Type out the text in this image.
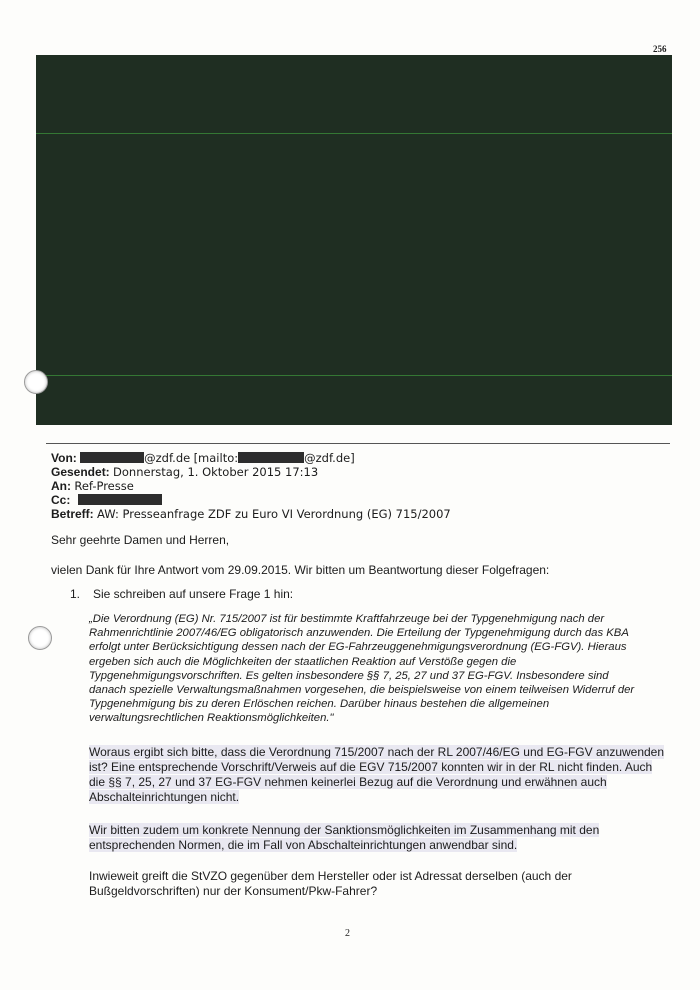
256
Von:	@zdf.de [mailto:	@zdf.de]
Gesendet: Donnerstag, 1. Oktober 2015 17:13
An: Ref-Presse
Cc:
Betreff: AW: Presseanfrage ZDF zu Euro VI Verordnung (EG) 715/2007
Sehr geehrte Damen und Herren,
vielen Dank für Ihre Antwort vom 29.09.2015. Wir bitten um Beantwortung dieser Folgefragen:
1. Sie schreiben auf unsere Frage 1 hin:

„Die Verordnung (EG) Nr. 715/2007 ist für bestimmte Kraftfahrzeuge bei der Typgenehmigung nach der

Rahmenrichtlinie 2007/46/EG obligatorisch anzuwenden. Die Erteilung der Typgenehmigung durch das KBA

erfolgt unter Berücksichtigung dessen nach der EG-Fahrzeuggenehmigungsverordnung (EG-FGV). Hieraus

ergeben sich auch die Möglichkeiten der staatlichen Reaktion auf Verstöße gegen die

Typgenehmigungsvorschriften. Es gelten insbesondere §§ 7, 25, 27 und 37 EG-FGV. Insbesondere sind

danach spezielle Verwaltungsmaßnahmen vorgesehen, die beispielsweise von einem teilweisen Widerruf der

Typgenehmigung bis zu deren Erlöschen reichen. Darüber hinaus bestehen die allgemeinen

verwaltungsrechtlichen Reaktionsmöglichkeiten."

Woraus ergibt sich bitte, dass die Verordnung 715/2007 nach der RL 2007/46/EG und EG-FGV anzuwenden

ist? Eine entsprechende Vorschrift/Verweis auf die EGV 715/2007 konnten wir in der RL nicht finden. Auch

die §§ 7, 25, 27 und 37 EG-FGV nehmen keinerlei Bezug auf die Verordnung und erwähnen auch

Abschalteinrichtungen nicht.

Wir bitten zudem um konkrete Nennung der Sanktionsmöglichkeiten im Zusammenhang mit den

entsprechenden Normen, die im Fall von Abschalteinrichtungen anwendbar sind.

Inwieweit greift die StVZO gegenüber dem Hersteller oder ist Adressat derselben (auch der

Bußgeldvorschriften) nur der Konsument/Pkw-Fahrer?

2
